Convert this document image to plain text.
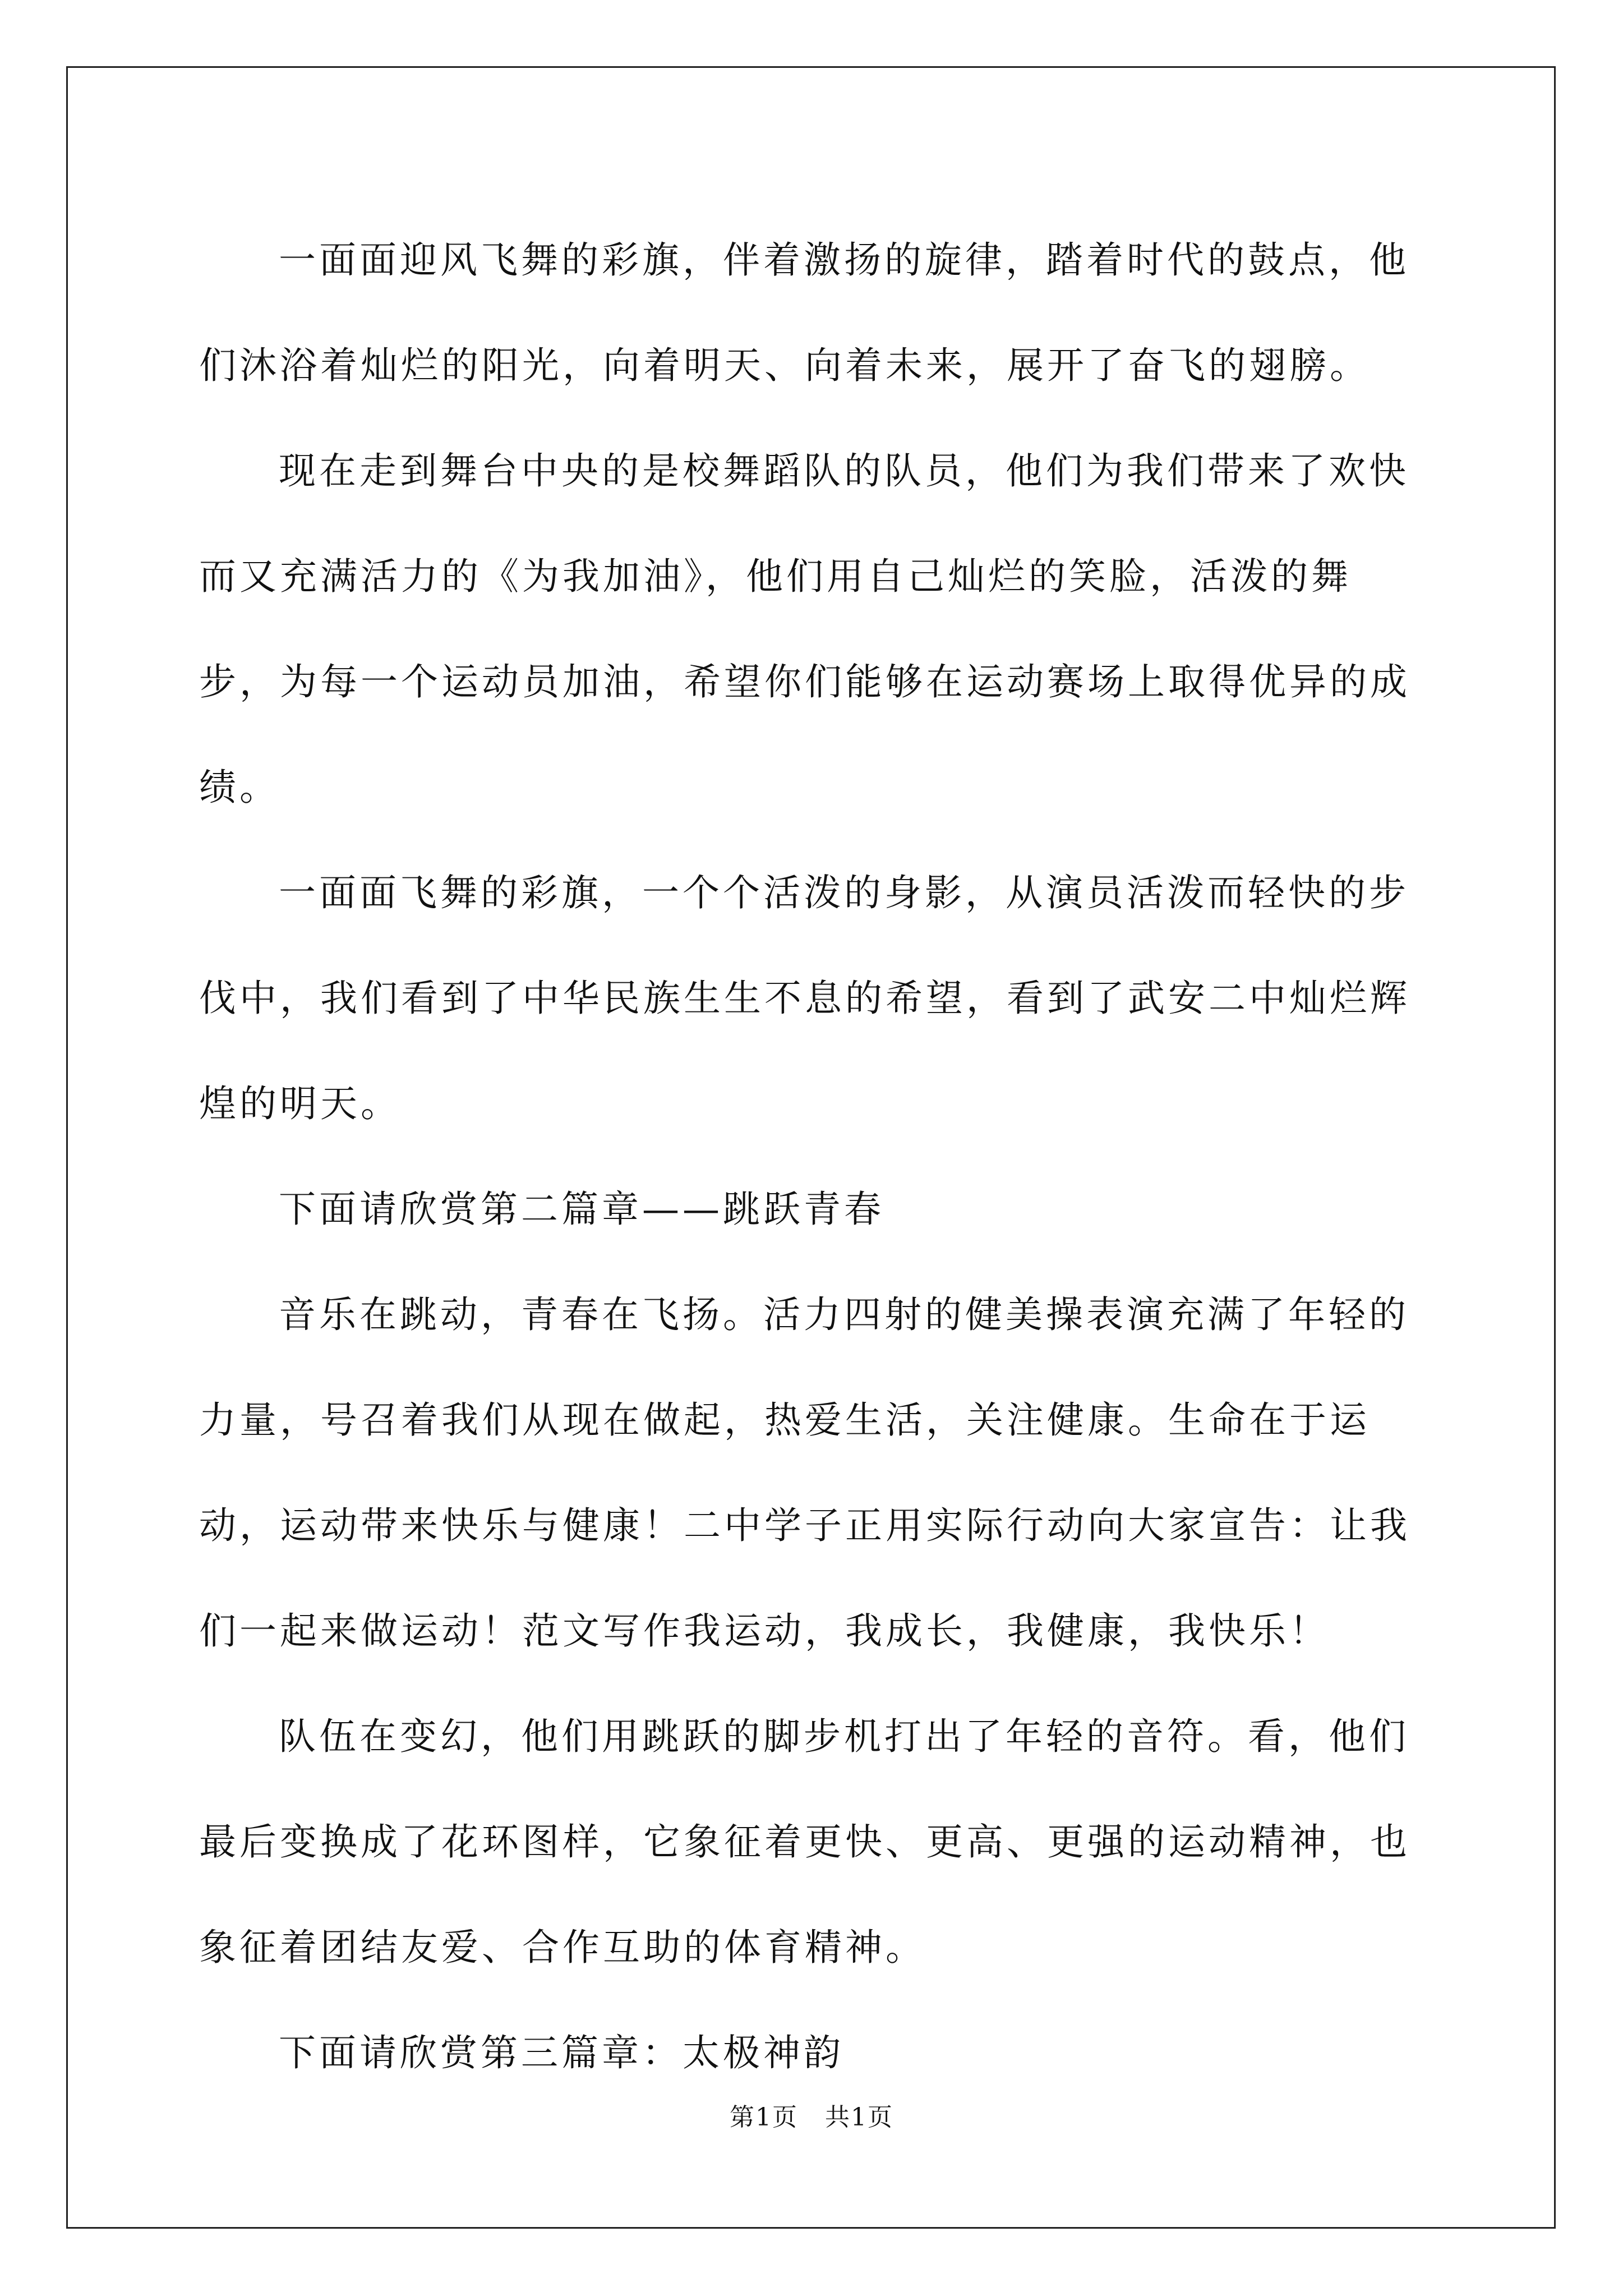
一面面迎风飞舞的彩旗，伴着激扬的旋律，踏着时代的鼓点，他们沐浴着灿烂的阳光，向着明天、向着未来，展开了奋飞的翅膀。

现在走到舞台中央的是校舞蹈队的队员，他们为我们带来了欢快而又充满活力的《为我加油》，他们用自己灿烂的笑脸，活泼的舞步，为每一个运动员加油，希望你们能够在运动赛场上取得优异的成绩。

一面面飞舞的彩旗，一个个活泼的身影，从演员活泼而轻快的步伐中，我们看到了中华民族生生不息的希望，看到了武安二中灿烂辉煌的明天。

下面请欣赏第二篇章——跳跃青春

音乐在跳动，青春在飞扬。活力四射的健美操表演充满了年轻的力量，号召着我们从现在做起，热爱生活，关注健康。生命在于运动，运动带来快乐与健康！二中学子正用实际行动向大家宣告：让我们一起来做运动！范文写作我运动，我成长，我健康，我快乐！

队伍在变幻，他们用跳跃的脚步机打出了年轻的音符。看，他们最后变换成了花环图样，它象征着更快、更高、更强的运动精神，也象征着团结友爱、合作互助的体育精神。

下面请欣赏第三篇章：太极神韵

第1页 共1页
